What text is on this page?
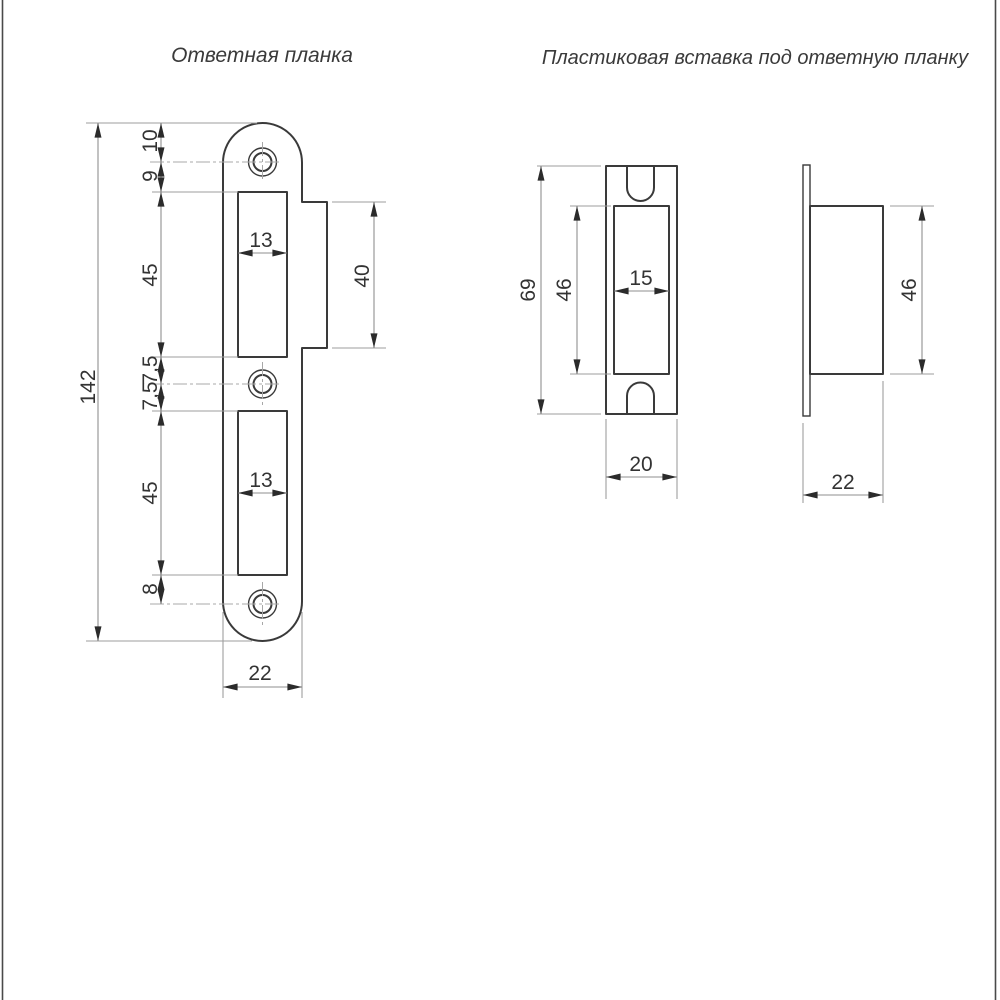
Ответная планка	Пластиковая вставка под ответную планку
142
10
9
45
7,5
7,5
45
8
13
13
40
22
69 46	15
20
46
22
